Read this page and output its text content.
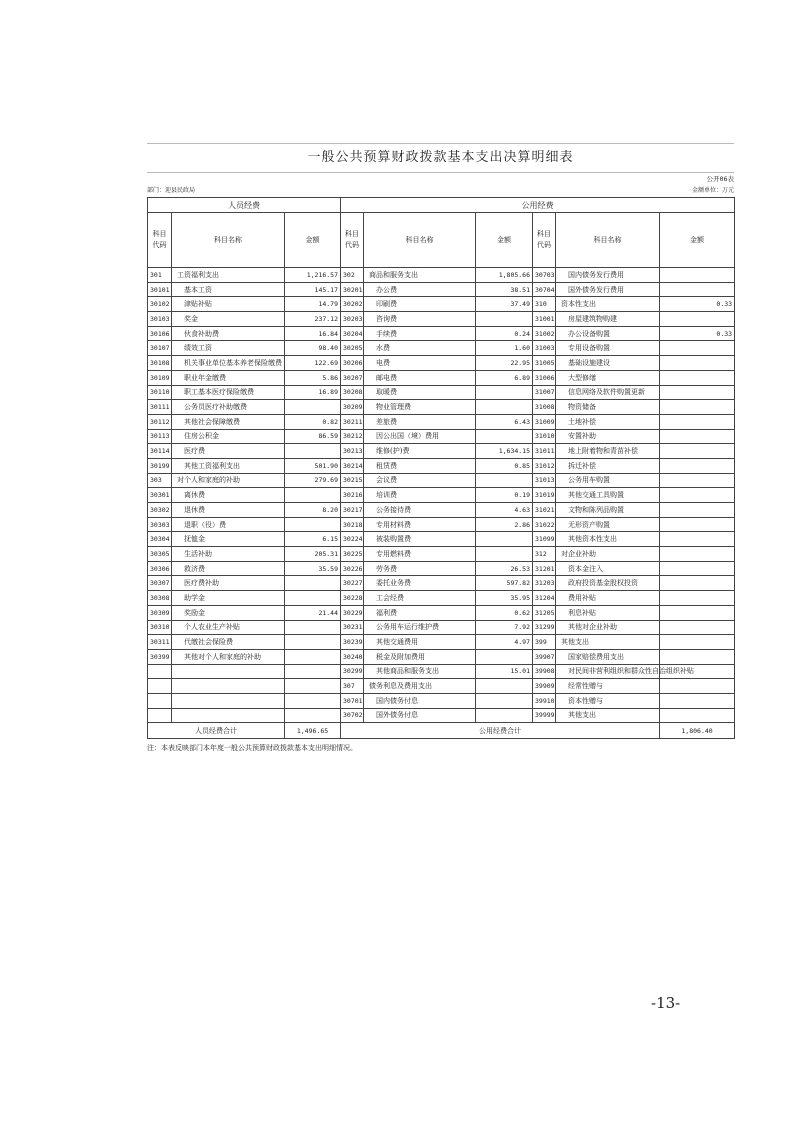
一般公共预算财政拨款基本支出决算明细表
公开06表
部门：迎县民政局	金额单位：万元
人员经费			公用经费					
科目代码	科目名称	金额	科目代码	科目名称	金额	科目代码	科目名称	金额
301	工资福利支出	1,216.57	302	商品和服务支出	1,805.66	30703	国内债务发行费用	
30101	基本工资	145.17	30201	办公费	38.51	30704	国外债务发行费用	
30102	津贴补贴	14.79	30202	印刷费	37.49	310	资本性支出	0.33
30103	奖金	237.12	30203	咨询费		31001	房屋建筑物购建	
30106	伙食补助费	16.84	30204	手续费	0.24	31002	办公设备购置	0.33
30107	绩效工资	98.40	30205	水费	1.60	31003	专用设备购置	
30108	机关事业单位基本养老保险缴费	122.69	30206	电费	22.95	31005	基础设施建设	
30109	职业年金缴费	5.86	30207	邮电费	6.89	31006	大型修缮	
30110	职工基本医疗保险缴费	16.89	30208	取暖费		31007	信息网络及软件购置更新	
30111	公务员医疗补助缴费		30209	物业管理费		31008	物资储备	
30112	其他社会保障缴费	0.82	30211	差旅费	6.43	31009	土地补偿	
30113	住房公积金	86.59	30212	因公出国（境）费用		31010	安置补助	
30114	医疗费		30213	维修(护)费	1,634.15	31011	地上附着物和青苗补偿	
30199	其他工资福利支出	501.90	30214	租赁费	0.85	31012	拆迁补偿	
303	对个人和家庭的补助	279.69	30215	会议费		31013	公务用车购置	
30301	离休费		30216	培训费	0.19	31019	其他交通工具购置	
30302	退休费	8.20	30217	公务接待费	4.63	31021	文物和陈列品购置	
30303	退职（役）费		30218	专用材料费	2.86	31022	无形资产购置	
30304	抚恤金	6.15	30224	被装购置费		31099	其他资本性支出	
30305	生活补助	205.31	30225	专用燃料费		312	对企业补助	
30306	救济费	35.59	30226	劳务费	26.53	31201	资本金注入	
30307	医疗费补助		30227	委托业务费	597.82	31203	政府投资基金股权投资	
30308	助学金		30228	工会经费	35.95	31204	费用补贴	
30309	奖励金	21.44	30229	福利费	0.62	31205	利息补贴	
30310	个人农业生产补贴		30231	公务用车运行维护费	7.92	31299	其他对企业补助	
30311	代缴社会保险费		30239	其他交通费用	4.97	399	其他支出	
30399	其他对个人和家庭的补助		30240	税金及附加费用		39907	国家赔偿费用支出	
			30299	其他商品和服务支出	15.01	39908	对民间非营利组织和群众性自治组织补贴	
			307	债务利息及费用支出		39909	经常性赠与	
			30701	国内债务付息		39910	资本性赠与	
			30702	国外债务付息		39999	其他支出	
人员经费合计		1,496.65	公用经费合计					1,806.40
注：本表反映部门本年度一般公共预算财政拨款基本支出明细情况。
-13-
